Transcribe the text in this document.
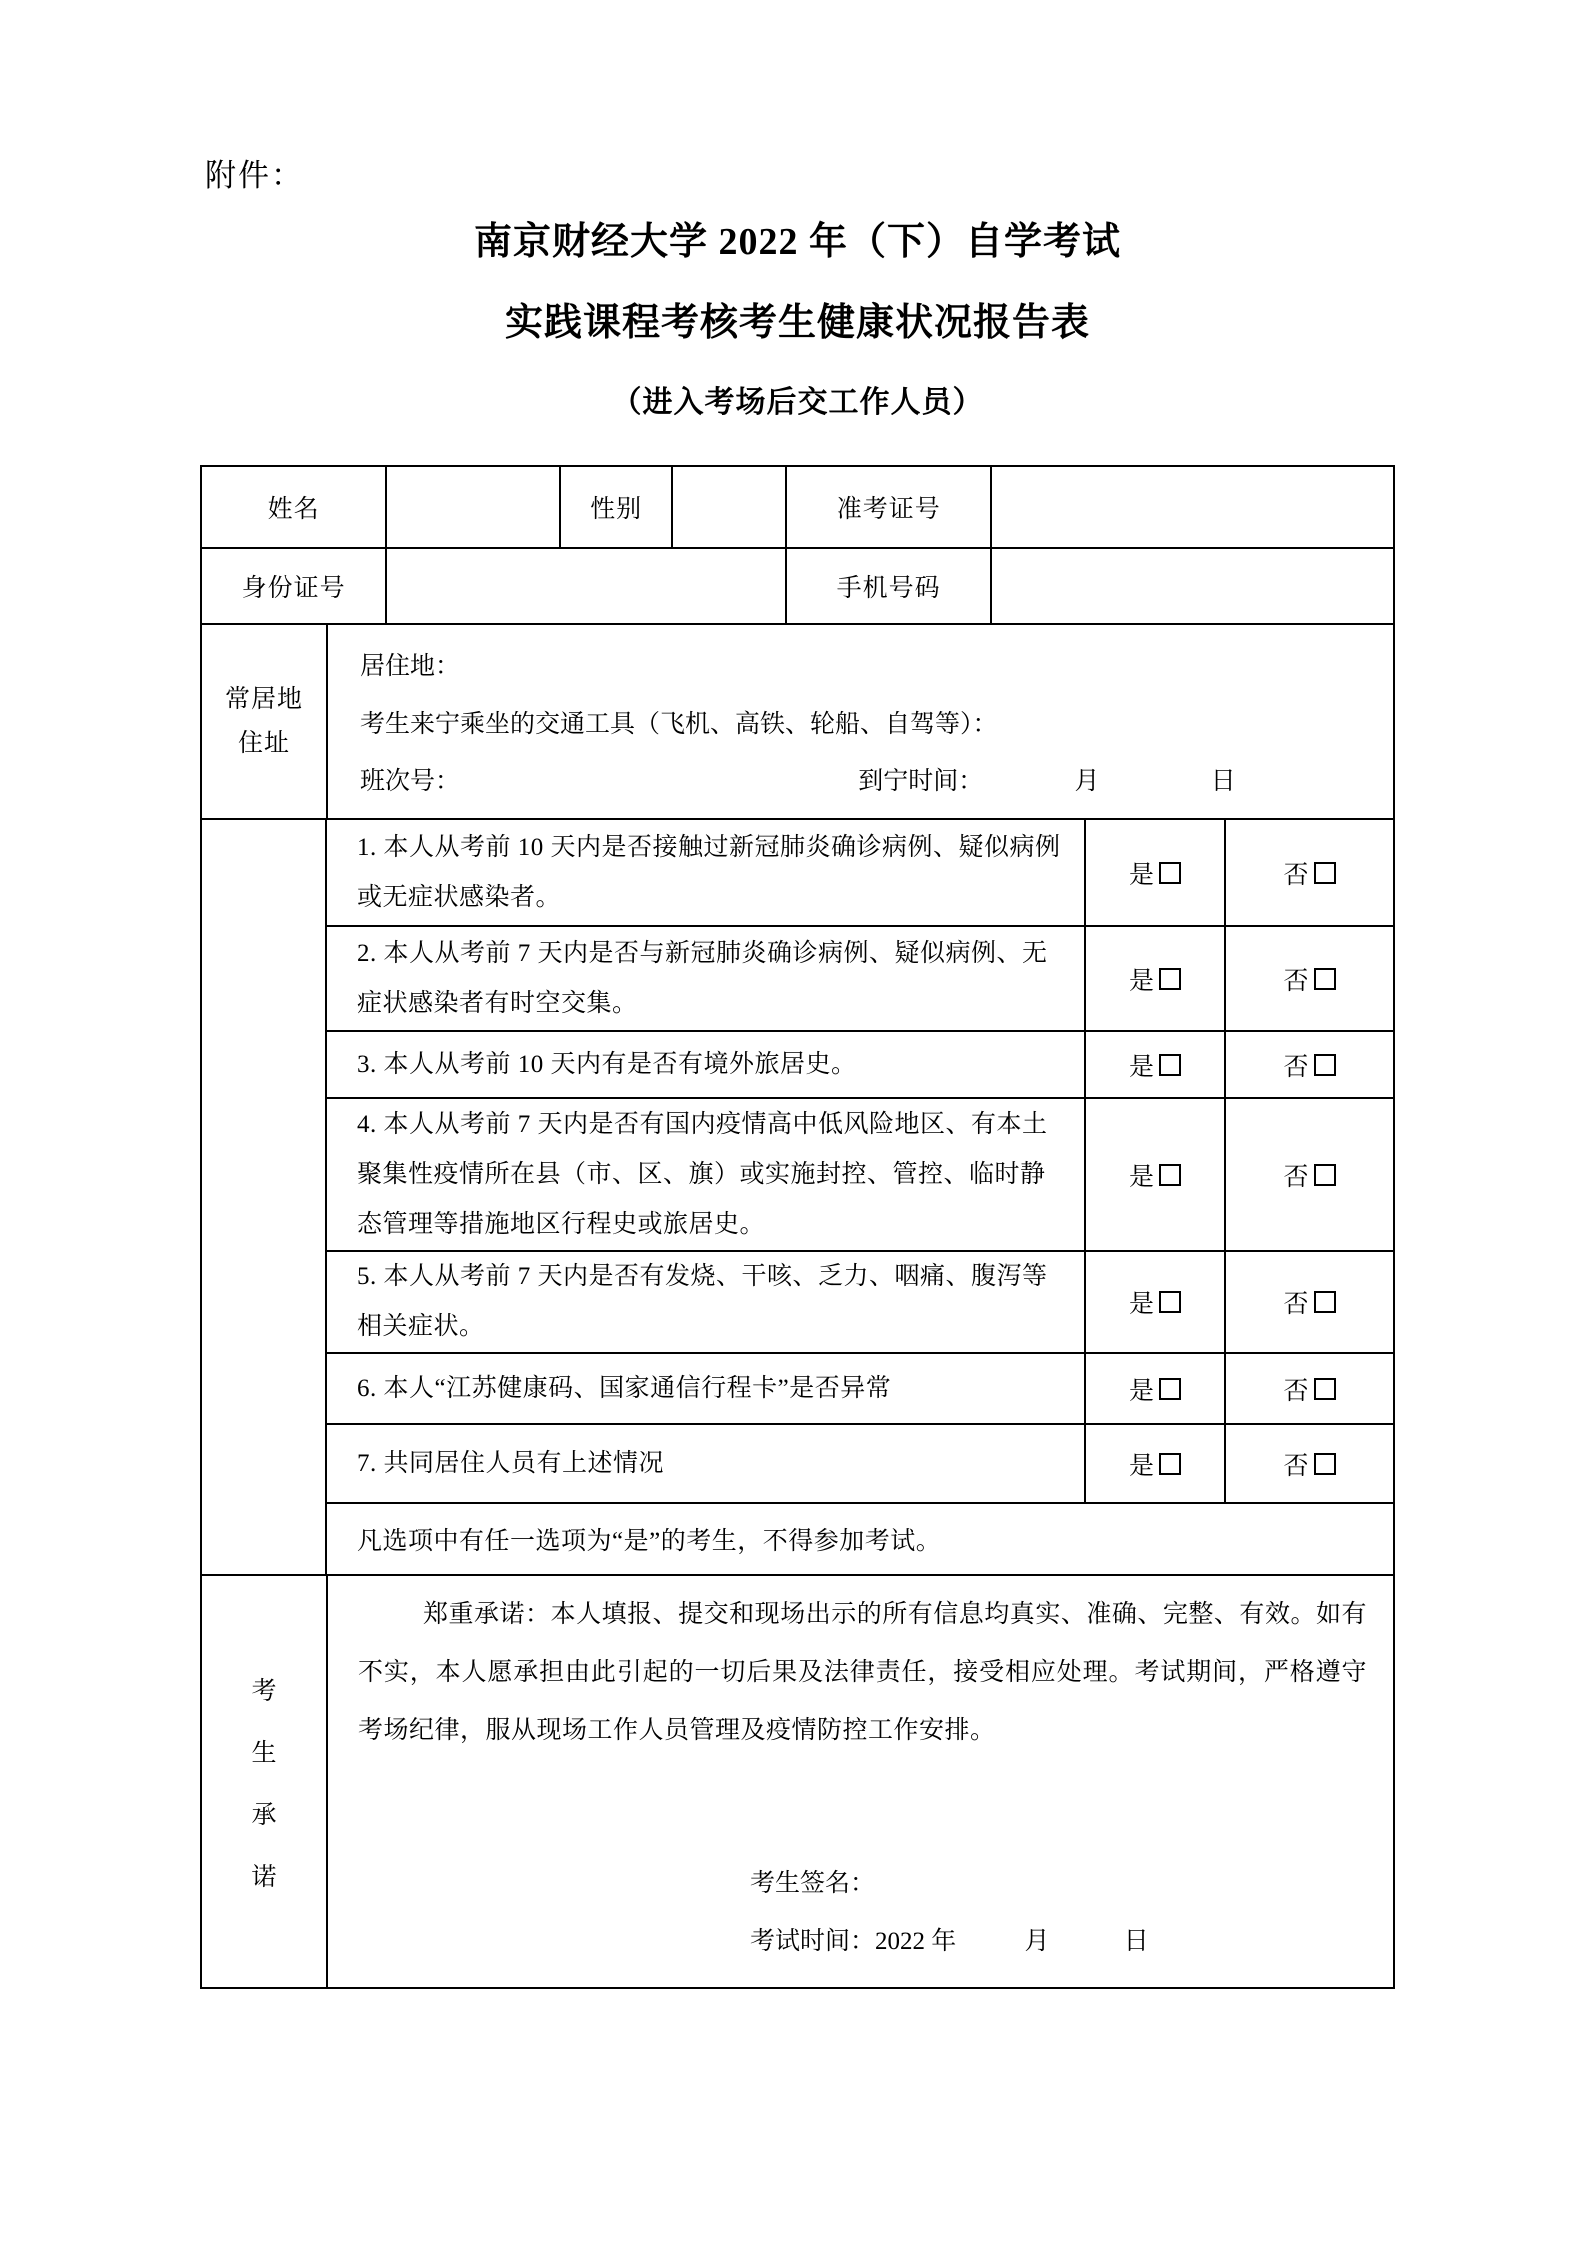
附件：
南京财经大学 2022 年（下）自学考试
实践课程考核考生健康状况报告表
（进入考场后交工作人员）
姓名	性别	准考证号
身份证号	手机号码
常居地
住址
居住地：
考生来宁乘坐的交通工具（飞机、高铁、轮船、自驾等）：
班次号：	到宁时间：	月	日
1. 本人从考前 10 天内是否接触过新冠肺炎确诊病例、疑似病例或无症状感染者。
是	否
2. 本人从考前 7 天内是否与新冠肺炎确诊病例、疑似病例、无症状感染者有时空交集。
是	否
3. 本人从考前 10 天内有是否有境外旅居史。	是	否
4. 本人从考前 7 天内是否有国内疫情高中低风险地区、有本土聚集性疫情所在县（市、区、旗）或实施封控、管控、临时静态管理等措施地区行程史或旅居史。
是	否
5. 本人从考前 7 天内是否有发烧、干咳、乏力、咽痛、腹泻等相关症状。
是	否
6. 本人“江苏健康码、国家通信行程卡”是否异常	是	否
7. 共同居住人员有上述情况	是	否
凡选项中有任一选项为“是”的考生，不得参加考试。
考
生
承
诺
郑重承诺：本人填报、提交和现场出示的所有信息均真实、准确、完整、有效。如有不实，本人愿承担由此引起的一切后果及法律责任，接受相应处理。考试期间，严格遵守考场纪律，服从现场工作人员管理及疫情防控工作安排。
考生签名：
考试时间：2022 年	月	日
